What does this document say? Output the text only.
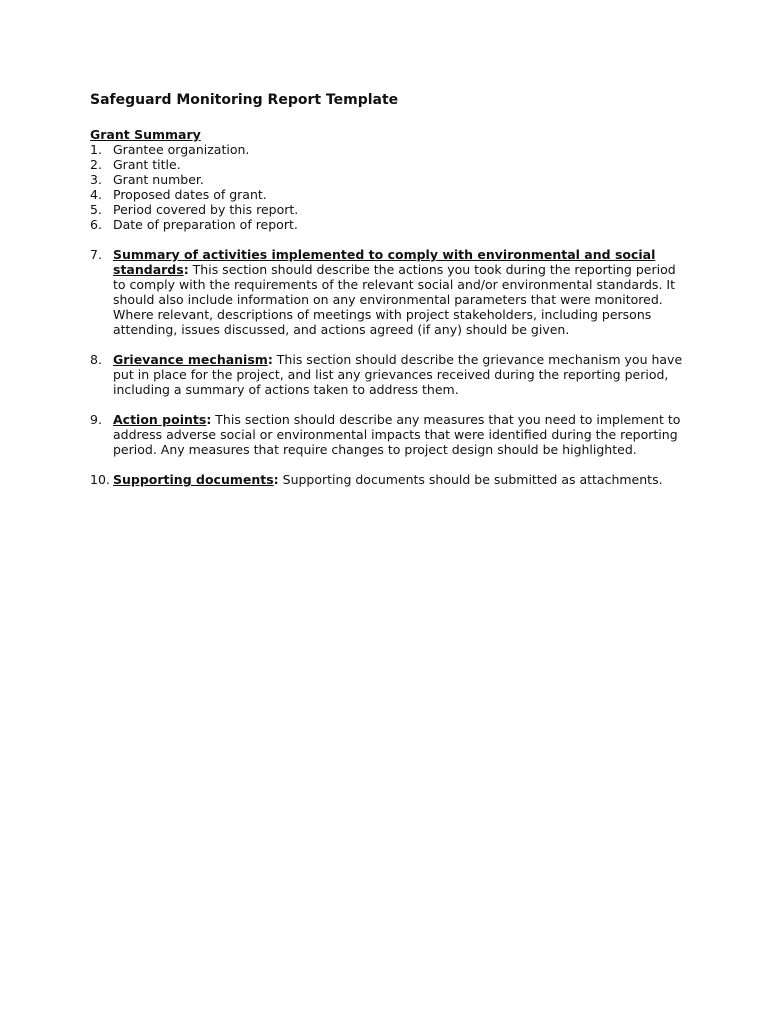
Safeguard Monitoring Report Template
Grant Summary
1. Grantee organization.
2. Grant title.
3. Grant number.
4. Proposed dates of grant.
5. Period covered by this report.
6. Date of preparation of report.
7. Summary of activities implemented to comply with environmental and social standards: This section should describe the actions you took during the reporting period to comply with the requirements of the relevant social and/or environmental standards. It should also include information on any environmental parameters that were monitored. Where relevant, descriptions of meetings with project stakeholders, including persons attending, issues discussed, and actions agreed (if any) should be given.
8. Grievance mechanism: This section should describe the grievance mechanism you have put in place for the project, and list any grievances received during the reporting period, including a summary of actions taken to address them.
9. Action points: This section should describe any measures that you need to implement to address adverse social or environmental impacts that were identified during the reporting period. Any measures that require changes to project design should be highlighted.
10. Supporting documents: Supporting documents should be submitted as attachments.
